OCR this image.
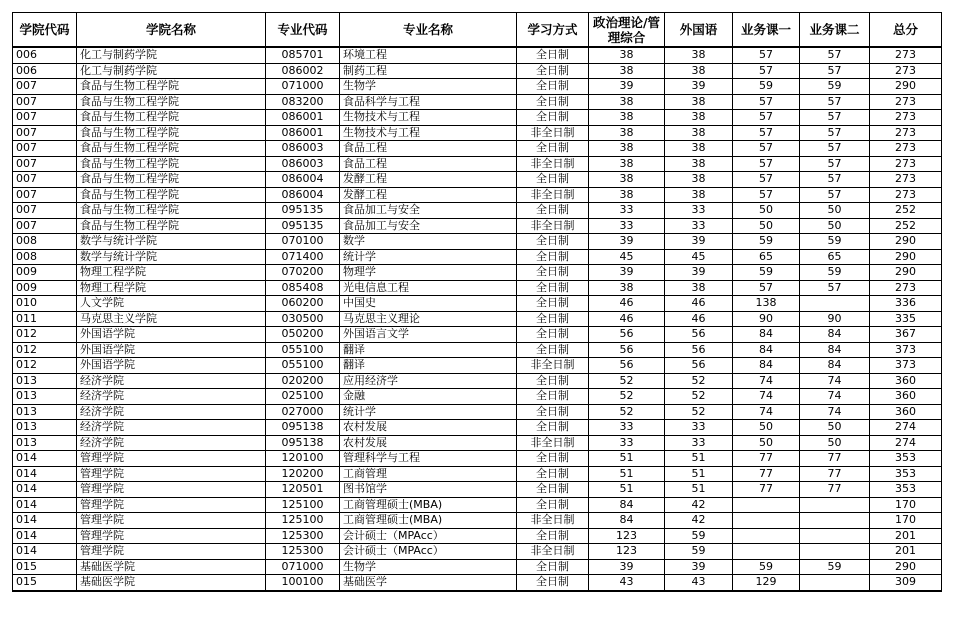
学院代码	学院名称	专业代码	专业名称	学习方式	政治理论/管理综合	外国语	业务课一	业务课二	总分
006	化工与制药学院	085701	环境工程	全日制	38	38	57	57	273
006	化工与制药学院	086002	制药工程	全日制	38	38	57	57	273
007	食品与生物工程学院	071000	生物学	全日制	39	39	59	59	290
007	食品与生物工程学院	083200	食品科学与工程	全日制	38	38	57	57	273
007	食品与生物工程学院	086001	生物技术与工程	全日制	38	38	57	57	273
007	食品与生物工程学院	086001	生物技术与工程	非全日制	38	38	57	57	273
007	食品与生物工程学院	086003	食品工程	全日制	38	38	57	57	273
007	食品与生物工程学院	086003	食品工程	非全日制	38	38	57	57	273
007	食品与生物工程学院	086004	发酵工程	全日制	38	38	57	57	273
007	食品与生物工程学院	086004	发酵工程	非全日制	38	38	57	57	273
007	食品与生物工程学院	095135	食品加工与安全	全日制	33	33	50	50	252
007	食品与生物工程学院	095135	食品加工与安全	非全日制	33	33	50	50	252
008	数学与统计学院	070100	数学	全日制	39	39	59	59	290
008	数学与统计学院	071400	统计学	全日制	45	45	65	65	290
009	物理工程学院	070200	物理学	全日制	39	39	59	59	290
009	物理工程学院	085408	光电信息工程	全日制	38	38	57	57	273
010	人文学院	060200	中国史	全日制	46	46	138		336
011	马克思主义学院	030500	马克思主义理论	全日制	46	46	90	90	335
012	外国语学院	050200	外国语言文学	全日制	56	56	84	84	367
012	外国语学院	055100	翻译	全日制	56	56	84	84	373
012	外国语学院	055100	翻译	非全日制	56	56	84	84	373
013	经济学院	020200	应用经济学	全日制	52	52	74	74	360
013	经济学院	025100	金融	全日制	52	52	74	74	360
013	经济学院	027000	统计学	全日制	52	52	74	74	360
013	经济学院	095138	农村发展	全日制	33	33	50	50	274
013	经济学院	095138	农村发展	非全日制	33	33	50	50	274
014	管理学院	120100	管理科学与工程	全日制	51	51	77	77	353
014	管理学院	120200	工商管理	全日制	51	51	77	77	353
014	管理学院	120501	图书馆学	全日制	51	51	77	77	353
014	管理学院	125100	工商管理硕士(MBA)	全日制	84	42			170
014	管理学院	125100	工商管理硕士(MBA)	非全日制	84	42			170
014	管理学院	125300	会计硕士（MPAcc）	全日制	123	59			201
014	管理学院	125300	会计硕士（MPAcc）	非全日制	123	59			201
015	基础医学院	071000	生物学	全日制	39	39	59	59	290
015	基础医学院	100100	基础医学	全日制	43	43	129		309
